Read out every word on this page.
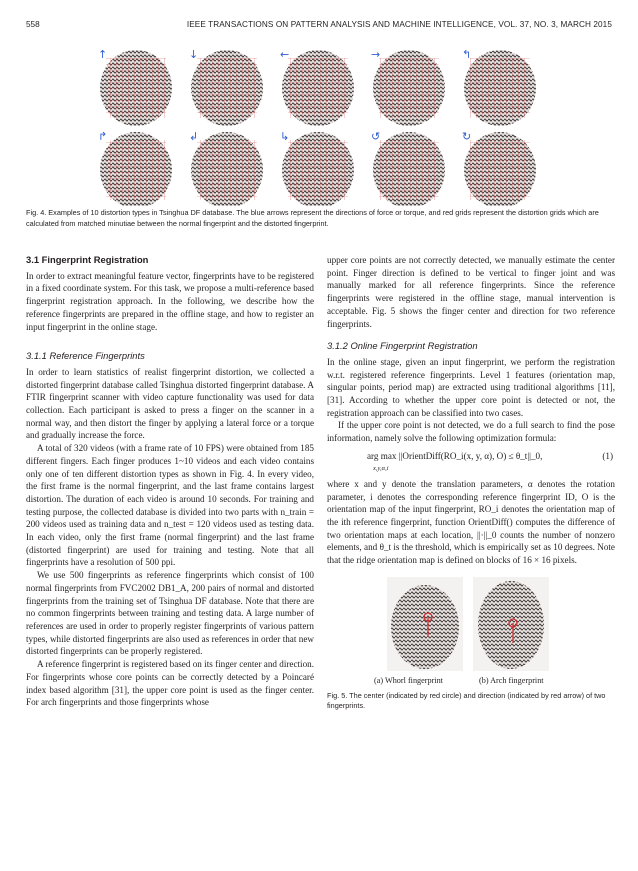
558	IEEE TRANSACTIONS ON PATTERN ANALYSIS AND MACHINE INTELLIGENCE, VOL. 37, NO. 3, MARCH 2015
↑	↓	←	→	↰
↱	↲	↳	↺	↻
Fig. 4. Examples of 10 distortion types in Tsinghua DF database. The blue arrows represent the directions of force or torque, and red grids represent the distortion grids which are calculated from matched minutiae between the normal fingerprint and the distorted fingerprint.
3.1 Fingerprint Registration

In order to extract meaningful feature vector, fingerprints have to be registered in a fixed coordinate system. For this task, we propose a multi-reference based fingerprint registration approach. In the following, we describe how the reference fingerprints are prepared in the offline stage, and how to register an input fingerprint in the online stage.

3.1.1 Reference Fingerprints

In order to learn statistics of realist fingerprint distortion, we collected a distorted fingerprint database called Tsinghua distorted fingerprint database. A FTIR fingerprint scanner with video capture functionality was used for data collection. Each participant is asked to press a finger on the scanner in a normal way, and then distort the finger by applying a lateral force or a torque and gradually increase the force.

A total of 320 videos (with a frame rate of 10 FPS) were obtained from 185 different fingers. Each finger produces 1~10 videos and each video contains only one of ten different distortion types as shown in Fig. 4. In every video, the first frame is the normal fingerprint, and the last frame contains largest distortion. The duration of each video is around 10 seconds. For training and testing purpose, the collected database is divided into two parts with n_train = 200 videos used as training data and n_test = 120 videos used as testing data. In each video, only the first frame (normal fingerprint) and the last frame (distorted fingerprint) are used for training and testing. Note that all fingerprints have a resolution of 500 ppi.

We use 500 fingerprints as reference fingerprints which consist of 100 normal fingerprints from FVC2002 DB1_A, 200 pairs of normal and distorted fingerprints from the training set of Tsinghua DF database. Note that there are no common fingerprints between training and testing data. A large number of references are used in order to properly register fingerprints of various pattern types, while distorted fingerprints are also used as references in order that new distorted fingerprints can be properly registered.

A reference fingerprint is registered based on its finger center and direction. For fingerprints whose core points can be correctly detected by a Poincaré index based algorithm [31], the upper core point is used as the finger center. For arch fingerprints and those fingerprints whose

upper core points are not correctly detected, we manually estimate the center point. Finger direction is defined to be vertical to finger joint and was manually marked for all reference fingerprints. Since the reference fingerprints were registered in the offline stage, manual intervention is acceptable. Fig. 5 shows the finger center and direction for two reference fingerprints.

3.1.2 Online Fingerprint Registration

In the online stage, given an input fingerprint, we perform the registration w.r.t. registered reference fingerprints. Level 1 features (orientation map, singular points, period map) are extracted using traditional algorithms [11], [31]. According to whether the upper core point is detected or not, the registration approach can be classified into two cases.

If the upper core point is not detected, we do a full search to find the pose information, namely solve the following optimization formula:

arg max ||OrientDiff(RO_i(x, y, α), O) ≤ θ_t||_0,
x,y,α,i
(1)

where x and y denote the translation parameters, α denotes the rotation parameter, i denotes the corresponding reference fingerprint ID, O is the orientation map of the input fingerprint, RO_i denotes the orientation map of the ith reference fingerprint, function OrientDiff() computes the difference of two orientation maps at each location, ||·||_0 counts the number of nonzero elements, and θ_t is the threshold, which is empirically set as 10 degrees. Note that the ridge orientation map is defined on blocks of 16 × 16 pixels.

(a) Whorl fingerprint	(b) Arch fingerprint
Fig. 5. The center (indicated by red circle) and direction (indicated by red arrow) of two fingerprints.
